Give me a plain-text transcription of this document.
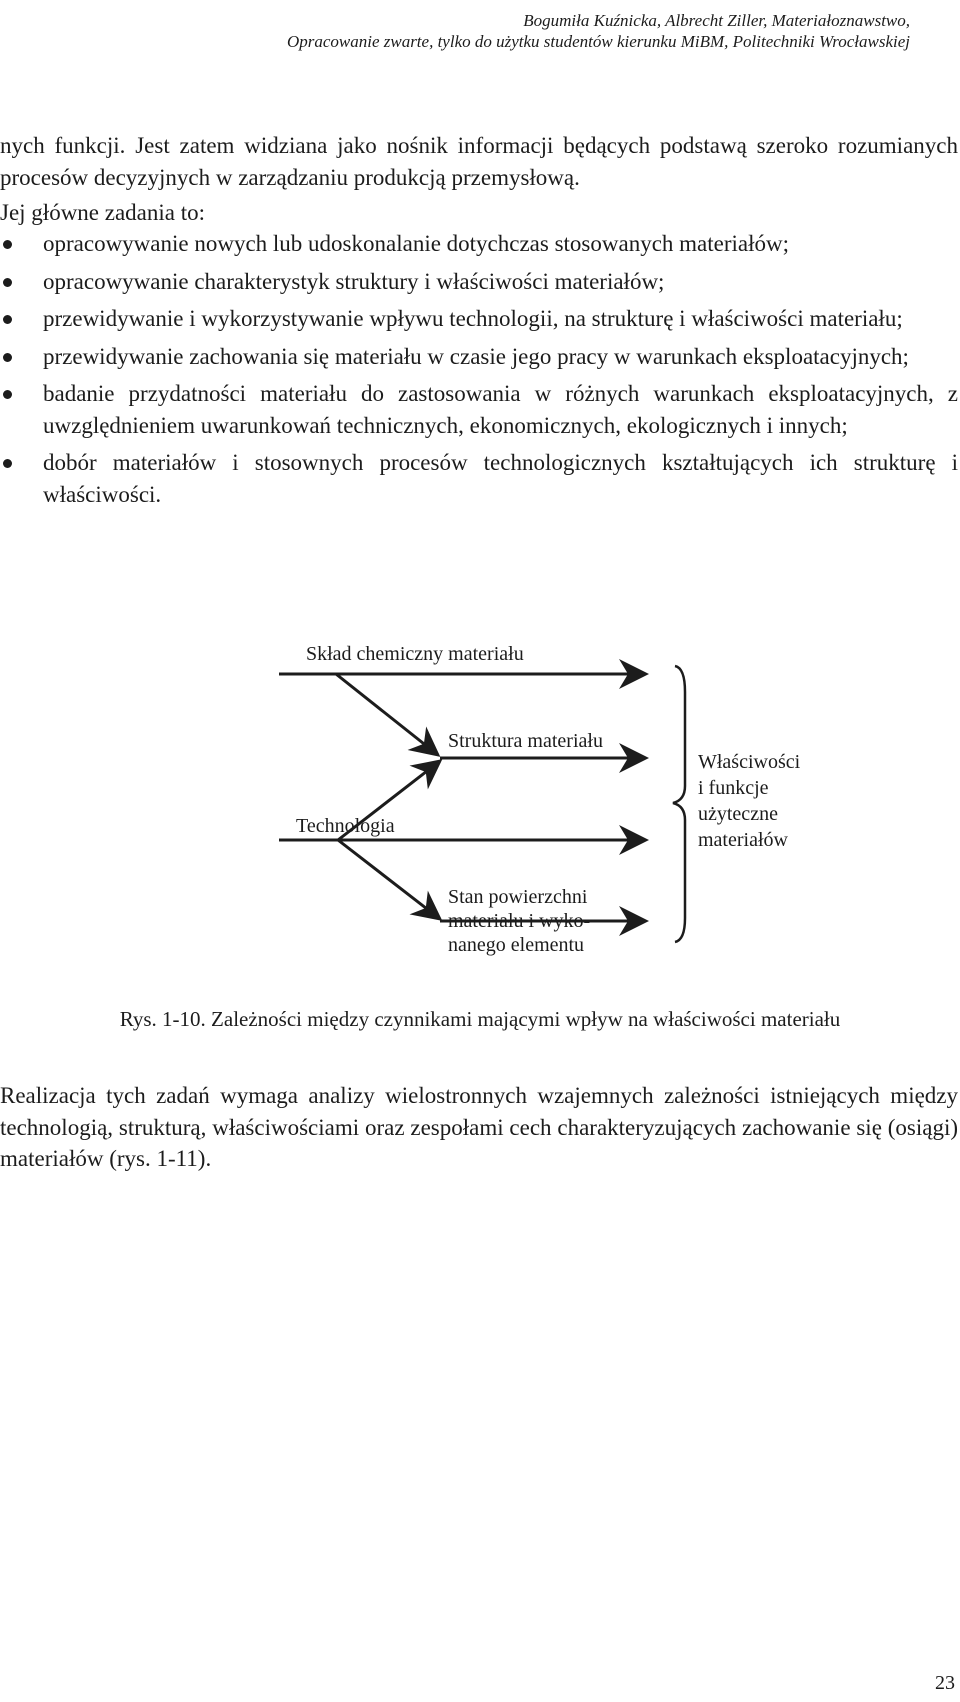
Bogumiła Kuźnicka, Albrecht Ziller, Materiałoznawstwo,
Opracowanie zwarte, tylko do użytku studentów kierunku MiBM, Politechniki Wrocławskiej
nych funkcji. Jest zatem widziana jako nośnik informacji będących podstawą szeroko rozumianych procesów decyzyjnych w zarządzaniu produkcją przemysłową.
Jej główne zadania to:
opracowywanie nowych lub udoskonalanie dotychczas stosowanych materiałów;
opracowywanie charakterystyk struktury i właściwości materiałów;
przewidywanie i wykorzystywanie wpływu technologii, na strukturę i właściwości materiału;
przewidywanie zachowania się materiału w czasie jego pracy w warunkach eksploatacyjnych;
badanie przydatności materiału do zastosowania w różnych warunkach eksploatacyjnych, z uwzględnieniem uwarunkowań technicznych, ekonomicznych, ekologicznych i innych;
dobór materiałów i stosownych procesów technologicznych kształtujących ich strukturę i właściwości.
Skład chemiczny materiału
Struktura materiału
Technologia
Stan powierzchni
materiału i wyko-
nanego elementu
Właściwości
i funkcje
użyteczne
materiałów
Rys. 1-10. Zależności między czynnikami mającymi wpływ na właściwości materiału
Realizacja tych zadań wymaga analizy wielostronnych wzajemnych zależności istniejących między technologią, strukturą, właściwościami oraz zespołami cech charakteryzujących zachowanie się (osiągi) materiałów (rys. 1-11).
23
